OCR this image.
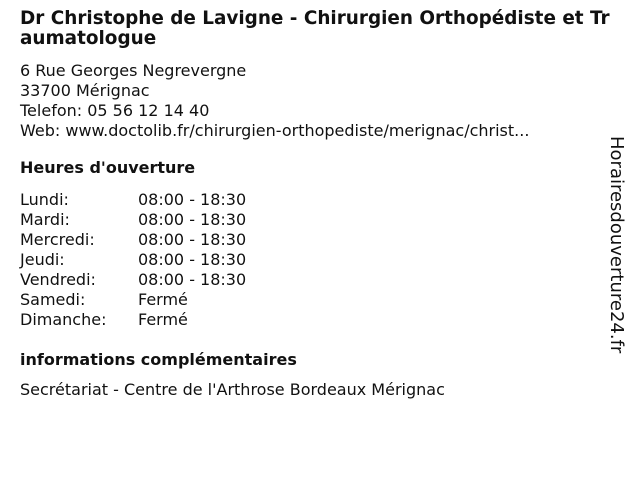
Dr Christophe de Lavigne - Chirurgien Orthopédiste et Traumatologue
6 Rue Georges Negrevergne
33700 Mérignac
Telefon: 05 56 12 14 40
Web: www.doctolib.fr/chirurgien-orthopediste/merignac/christ...
Heures d'ouverture
Lundi:	08:00 - 18:30
Mardi:	08:00 - 18:30
Mercredi:	08:00 - 18:30
Jeudi:	08:00 - 18:30
Vendredi:	08:00 - 18:30
Samedi:	Fermé
Dimanche:	Fermé
informations complémentaires
Secrétariat - Centre de l'Arthrose Bordeaux Mérignac
Horairesdouverture24.fr
